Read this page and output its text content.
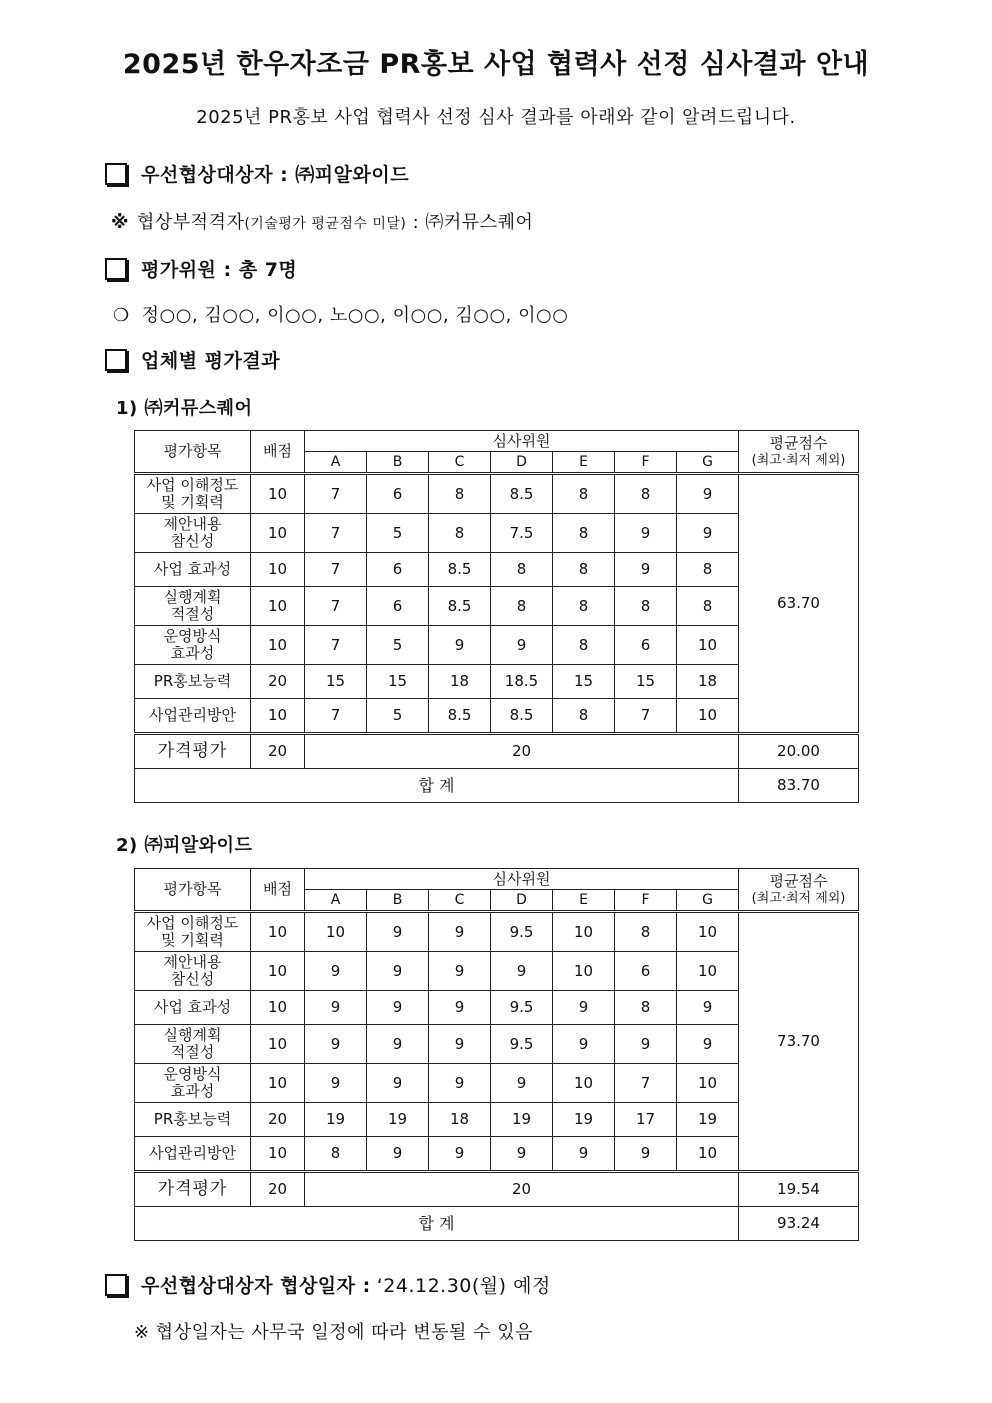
2025년 한우자조금 PR홍보 사업 협력사 선정 심사결과 안내
2025년 PR홍보 사업 협력사 선정 심사 결과를 아래와 같이 알려드립니다.
우선협상대상자 : ㈜피알와이드
※ 협상부적격자(기술평가 평균점수 미달) : ㈜커뮤스퀘어
평가위원 : 총 7명
❍ 정○○, 김○○, 이○○, 노○○, 이○○, 김○○, 이○○
업체별 평가결과
1) ㈜커뮤스퀘어
평가항목	배점	심사위원							평균점수
(최고·최저 제외)

		A	B	C	D	E	F	G	

사업 이해정도
및 기획력	10	7	6	8	8.5	8	8	9	63.70

제안내용
참신성	10	7	5	8	7.5	8	9	9	

사업 효과성	10	7	6	8.5	8	8	9	8	

실행계획
적절성	10	7	6	8.5	8	8	8	8	

운영방식
효과성	10	7	5	9	9	8	6	10	

PR홍보능력	20	15	15	18	18.5	15	15	18	

사업관리방안	10	7	5	8.5	8.5	8	7	10	
가격평가	20	20							20.00
합 계									83.70
2) ㈜피알와이드
평가항목	배점	심사위원							평균점수
(최고·최저 제외)

		A	B	C	D	E	F	G	

사업 이해정도
및 기획력	10	10	9	9	9.5	10	8	10	73.70

제안내용
참신성	10	9	9	9	9	10	6	10	

사업 효과성	10	9	9	9	9.5	9	8	9	

실행계획
적절성	10	9	9	9	9.5	9	9	9	

운영방식
효과성	10	9	9	9	9	10	7	10	

PR홍보능력	20	19	19	18	19	19	17	19	

사업관리방안	10	8	9	9	9	9	9	10	
가격평가	20	20							19.54
합 계									93.24
우선협상대상자 협상일자 : ‘24.12.30(월) 예정
※ 협상일자는 사무국 일정에 따라 변동될 수 있음
